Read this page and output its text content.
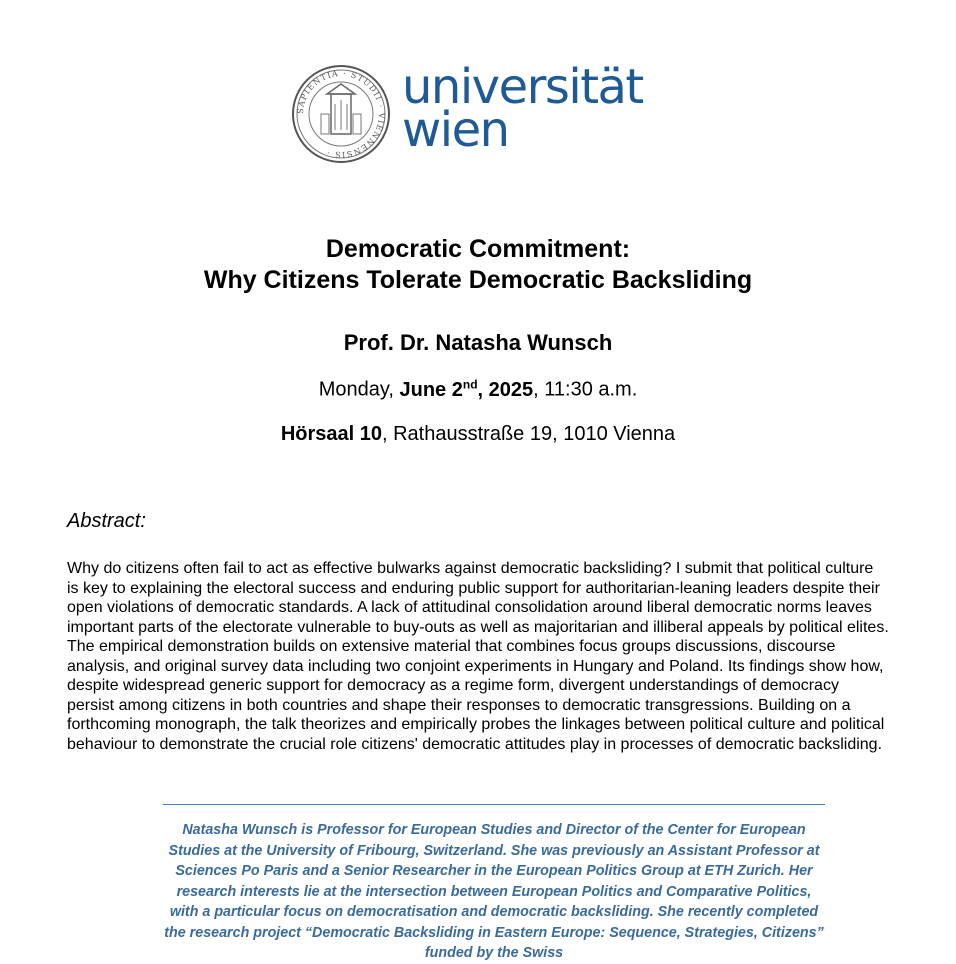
SAPIENTIA · STUDII · VIENNENSIS ·
universität
wien
Democratic Commitment:
Why Citizens Tolerate Democratic Backsliding

Prof. Dr. Natasha Wunsch

Monday, June 2nd, 2025, 11:30 a.m.

Hörsaal 10, Rathausstraße 19, 1010 Vienna

Abstract:

Why do citizens often fail to act as effective bulwarks against democratic backsliding? I submit that political culture is key to explaining the electoral success and enduring public support for authoritarian-leaning leaders despite their open violations of democratic standards. A lack of attitudinal consolidation around liberal democratic norms leaves important parts of the electorate vulnerable to buy-outs as well as majoritarian and illiberal appeals by political elites. The empirical demonstration builds on extensive material that combines focus groups discussions, discourse analysis, and original survey data including two conjoint experiments in Hungary and Poland. Its findings show how, despite widespread generic support for democracy as a regime form, divergent understandings of democracy persist among citizens in both countries and shape their responses to democratic transgressions. Building on a forthcoming monograph, the talk theorizes and empirically probes the linkages between political culture and political behaviour to demonstrate the crucial role citizens' democratic attitudes play in processes of democratic backsliding.

Natasha Wunsch is Professor for European Studies and Director of the Center for European Studies at the University of Fribourg, Switzerland. She was previously an Assistant Professor at Sciences Po Paris and a Senior Researcher in the European Politics Group at ETH Zurich. Her research interests lie at the intersection between European Politics and Comparative Politics, with a particular focus on democratisation and democratic backsliding. She recently completed the research project “Democratic Backsliding in Eastern Europe: Sequence, Strategies, Citizens” funded by the Swiss
